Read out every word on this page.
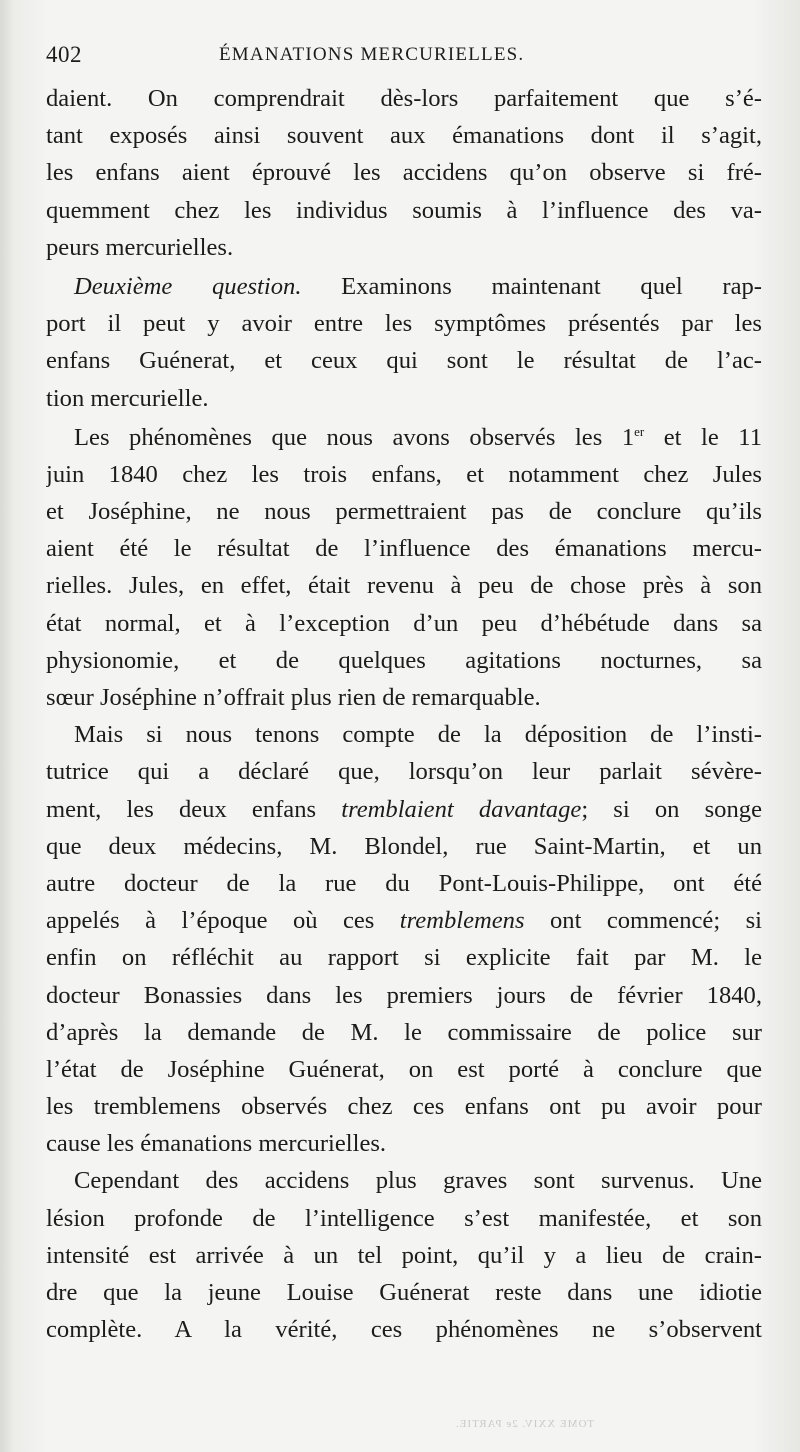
402	ÉMANATIONS MERCURIELLES.
daient. On comprendrait dès-lors parfaitement que s’é-
tant exposés ainsi souvent aux émanations dont il s’agit,
les enfans aient éprouvé les accidens qu’on observe si fré-
quemment chez les individus soumis à l’influence des va-
peurs mercurielles.
Deuxième question. Examinons maintenant quel rap-
port il peut y avoir entre les symptômes présentés par les
enfans Guénerat, et ceux qui sont le résultat de l’ac-
tion mercurielle.
Les phénomènes que nous avons observés les 1er et le 11
juin 1840 chez les trois enfans, et notamment chez Jules
et Joséphine, ne nous permettraient pas de conclure qu’ils
aient été le résultat de l’influence des émanations mercu-
rielles. Jules, en effet, était revenu à peu de chose près à son
état normal, et à l’exception d’un peu d’hébétude dans sa
physionomie, et de quelques agitations nocturnes, sa
sœur Joséphine n’offrait plus rien de remarquable.
Mais si nous tenons compte de la déposition de l’insti-
tutrice qui a déclaré que, lorsqu’on leur parlait sévère-
ment, les deux enfans tremblaient davantage; si on songe
que deux médecins, M. Blondel, rue Saint-Martin, et un
autre docteur de la rue du Pont-Louis-Philippe, ont été
appelés à l’époque où ces tremblemens ont commencé; si
enfin on réfléchit au rapport si explicite fait par M. le
docteur Bonassies dans les premiers jours de février 1840,
d’après la demande de M. le commissaire de police sur
l’état de Joséphine Guénerat, on est porté à conclure que
les tremblemens observés chez ces enfans ont pu avoir pour
cause les émanations mercurielles.
Cependant des accidens plus graves sont survenus. Une
lésion profonde de l’intelligence s’est manifestée, et son
intensité est arrivée à un tel point, qu’il y a lieu de crain-
dre que la jeune Louise Guénerat reste dans une idiotie
complète. A la vérité, ces phénomènes ne s’observent
TOME XXIV. 2e PARTIE.
